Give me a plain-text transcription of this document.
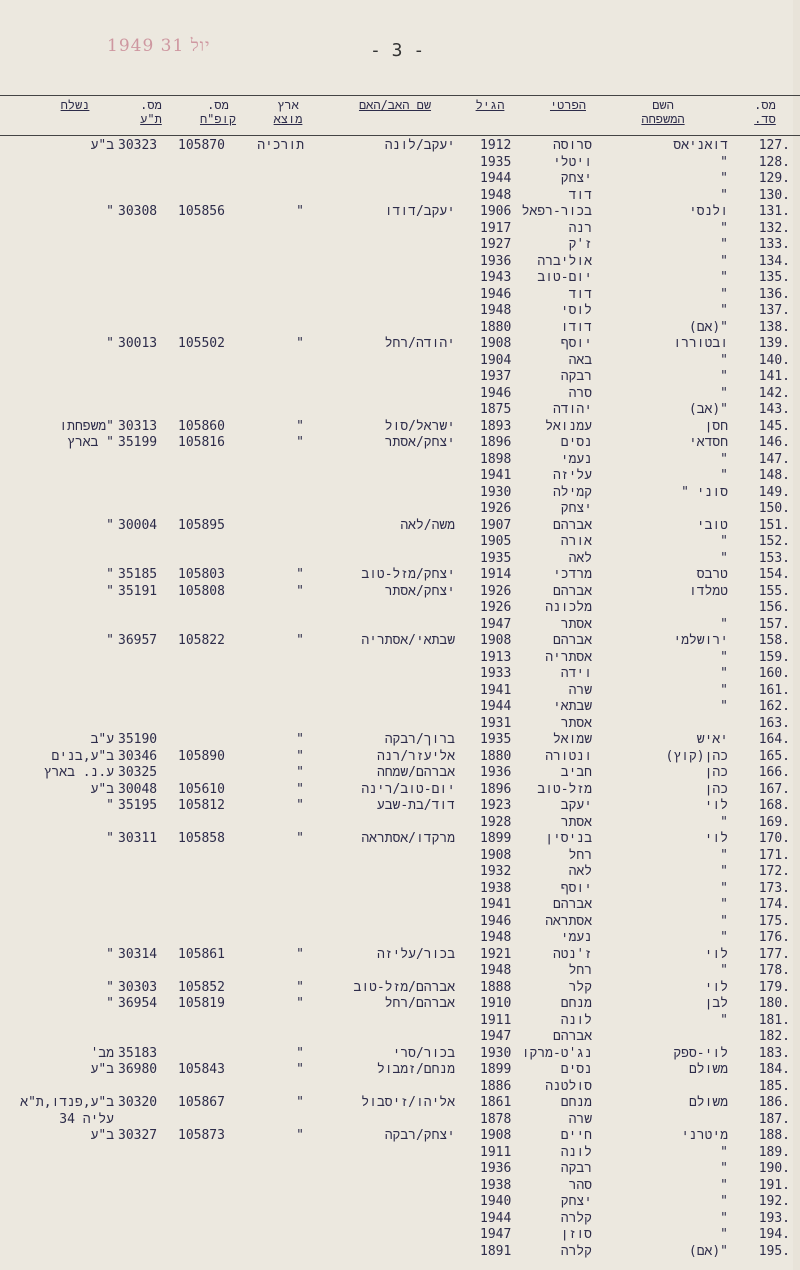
1949 יול 31	- 3 -
מס.
סד.
השם
המשפחה
הפרטי
הגיל
שם האב/האם
ארץ
מוצא
מס.
קופ"ח
מס.
ת"ע
נשלח
127.
דואניאס
סרוסה
1912
יעקב/לונה
תורכיה
105870
30323
ב"ע
128.
"
ויטלי
1935
129.
"
יצחק
1944
130.
"
דוד
1948
131.
ולנסי
בכור-רפאל
1906
יעקב/דודו
"
105856
30308
"
132.
"
רנה
1917
133.
"
ז'ק
1927
134.
"
אוליברה
1936
135.
"
יום-טוב
1943
136.
"
דוד
1946
137.
"
לוסי
1948
138.
"(אם)
דודו
1880
139.
ובטוררו
יוסף
1908
יהודה/רחל
"
105502
30013
"
140.
"
באה
1904
141.
"
רבקה
1937
142.
"
סרה
1946
143.
"(אב)
יהודה
1875
145.
חסן
עמנואל
1893
ישראל/סול
"
105860
30313
"משפחתו
146.
חסדאי
נסים
1896
יצחק/אסתר
"
105816
35199
" בארץ
147.
"
נעמי
1898
148.
"
עליזה
1941
149.
סוני "
קמילה
1930
150.
יצחק
1926
151.
טובי
אברהם
1907
משה/לאה
105895
30004
"
152.
"
אורה
1905
153.
"
לאה
1935
154.
טרבס
מרדכי
1914
יצחק/מזל-טוב
"
105803
35185
"
155.
טמלדו
אברהם
1926
יצחק/אסתר
"
105808
35191
"
156.
מלכונה
1926
157.
"
אסתר
1947
158.
ירושלמי
אברהם
1908
שבתאי/אסתריה
"
105822
36957
"
159.
"
אסתריה
1913
160.
"
וידה
1933
161.
"
שרה
1941
162.
"
שבתאי
1944
163.
אסתר
1931
164.
יאיש
שמואל
1935
ברוך/רבקה
"
35190
ע"ב
165.
כהן(קוץ)
ונטורה
1880
אליעזר/רנה
"
105890
30346
ב"ע,בנים
166.
כהן
חביב
1936
אברהם/שמחה
"
30325
ע.נ. בארץ
167.
כהן
מזל-טוב
1896
יום-טוב/רינה
"
105610
30048
ב"ע
168.
לוי
יעקב
1923
דוד/בת-שבע
"
105812
35195
"
169.
"
אסתר
1928
170.
לוי
בניסין
1899
מרקדו/אסתראה
"
105858
30311
"
171.
"
רחל
1908
172.
"
לאה
1932
173.
"
יוסף
1938
174.
"
אברהם
1941
175.
"
אסתראה
1946
176.
"
נעמי
1948
177.
לוי
ז'נטה
1921
בכור/עליזה
"
105861
30314
"
178.
"
רחל
1948
179.
לוי
קלר
1888
אברהם/מזל-טוב
"
105852
30303
"
180.
לבן
מנחם
1910
אברהם/רחל
"
105819
36954
"
181.
"
לונה
1911
182.
אברהם
1947
183.
לוי-ספק
נג'ט-מרקו
1930
בכור/סרי
"
35183
מב'
184.
משולם
נסים
1899
מנחם/זמבול
"
105843
36980
ב"ע
185.
סולטנה
1886
186.
משולם
מנחם
1861
אליהו/זיסבול
"
105867
30320
ב"ע,פנדו,ת"א
187.
שרה
1878
עליה 34
188.
מיטרני
חיים
1908
יצחק/רבקה
"
105873
30327
ב"ע
189.
"
לונה
1911
190.
"
רבקה
1936
191.
"
סהר
1938
192.
"
יצחק
1940
193.
"
קלרה
1944
194.
"
סוזן
1947
195.
"(אם)
קלרה
1891
